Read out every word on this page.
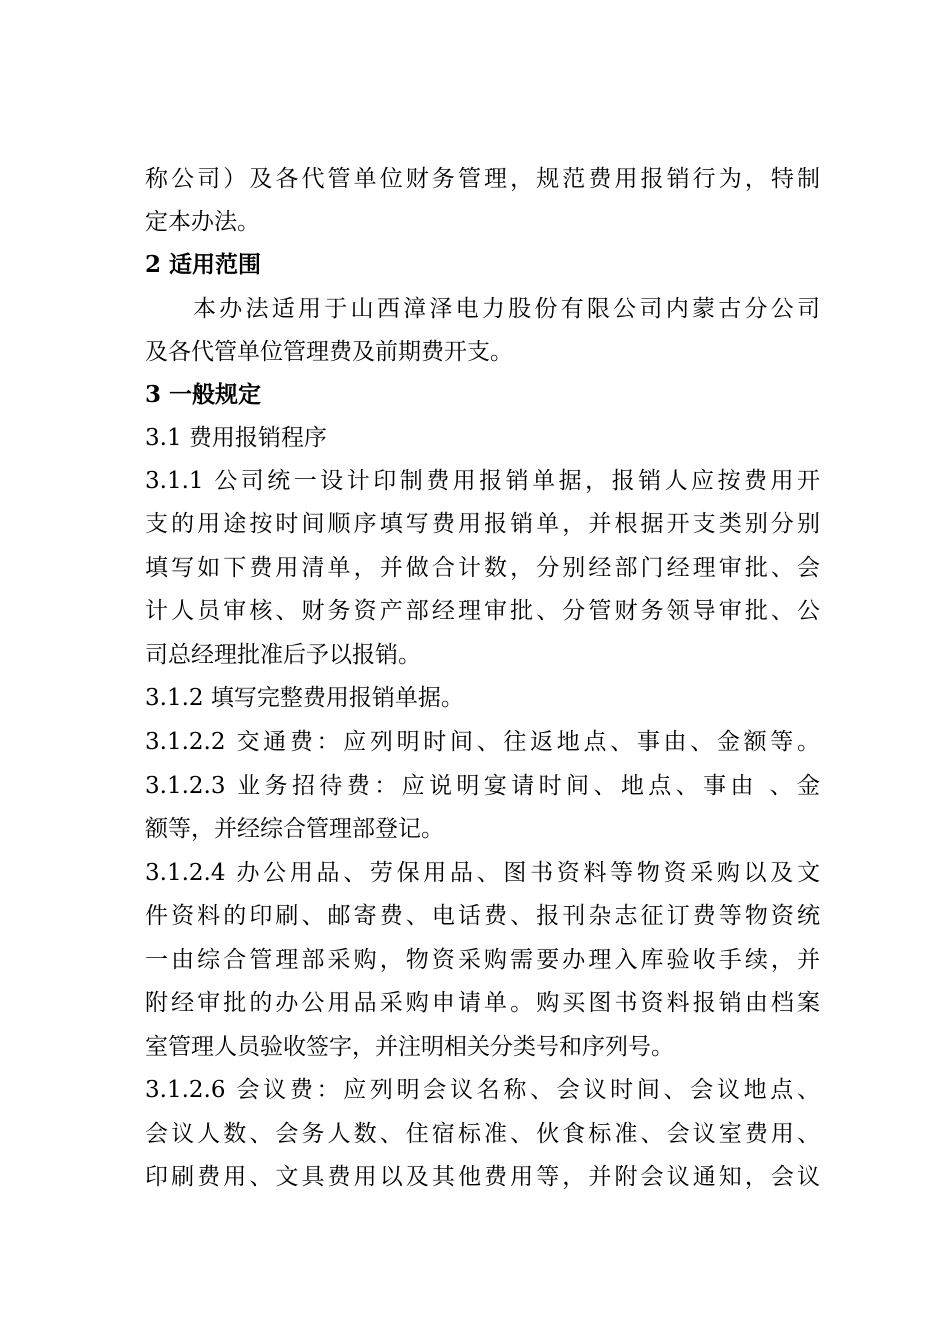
称公司）及各代管单位财务管理，规范费用报销行为，特制
定本办法。
2 适用范围
本办法适用于山西漳泽电力股份有限公司内蒙古分公司
及各代管单位管理费及前期费开支。
3 一般规定
3.1 费用报销程序
3.1.1 公司统一设计印制费用报销单据，报销人应按费用开
支的用途按时间顺序填写费用报销单，并根据开支类别分别
填写如下费用清单，并做合计数，分别经部门经理审批、会
计人员审核、财务资产部经理审批、分管财务领导审批、公
司总经理批准后予以报销。
3.1.2 填写完整费用报销单据。
3.1.2.2 交通费：应列明时间、往返地点、事由、金额等。
3.1.2.3 业务招待费：应说明宴请时间、地点、事由 、金
额等，并经综合管理部登记。
3.1.2.4 办公用品、劳保用品、图书资料等物资采购以及文
件资料的印刷、邮寄费、电话费、报刊杂志征订费等物资统
一由综合管理部采购，物资采购需要办理入库验收手续，并
附经审批的办公用品采购申请单。购买图书资料报销由档案
室管理人员验收签字，并注明相关分类号和序列号。
3.1.2.6 会议费：应列明会议名称、会议时间、会议地点、
会议人数、会务人数、住宿标准、伙食标准、会议室费用、
印刷费用、文具费用以及其他费用等，并附会议通知，会议
